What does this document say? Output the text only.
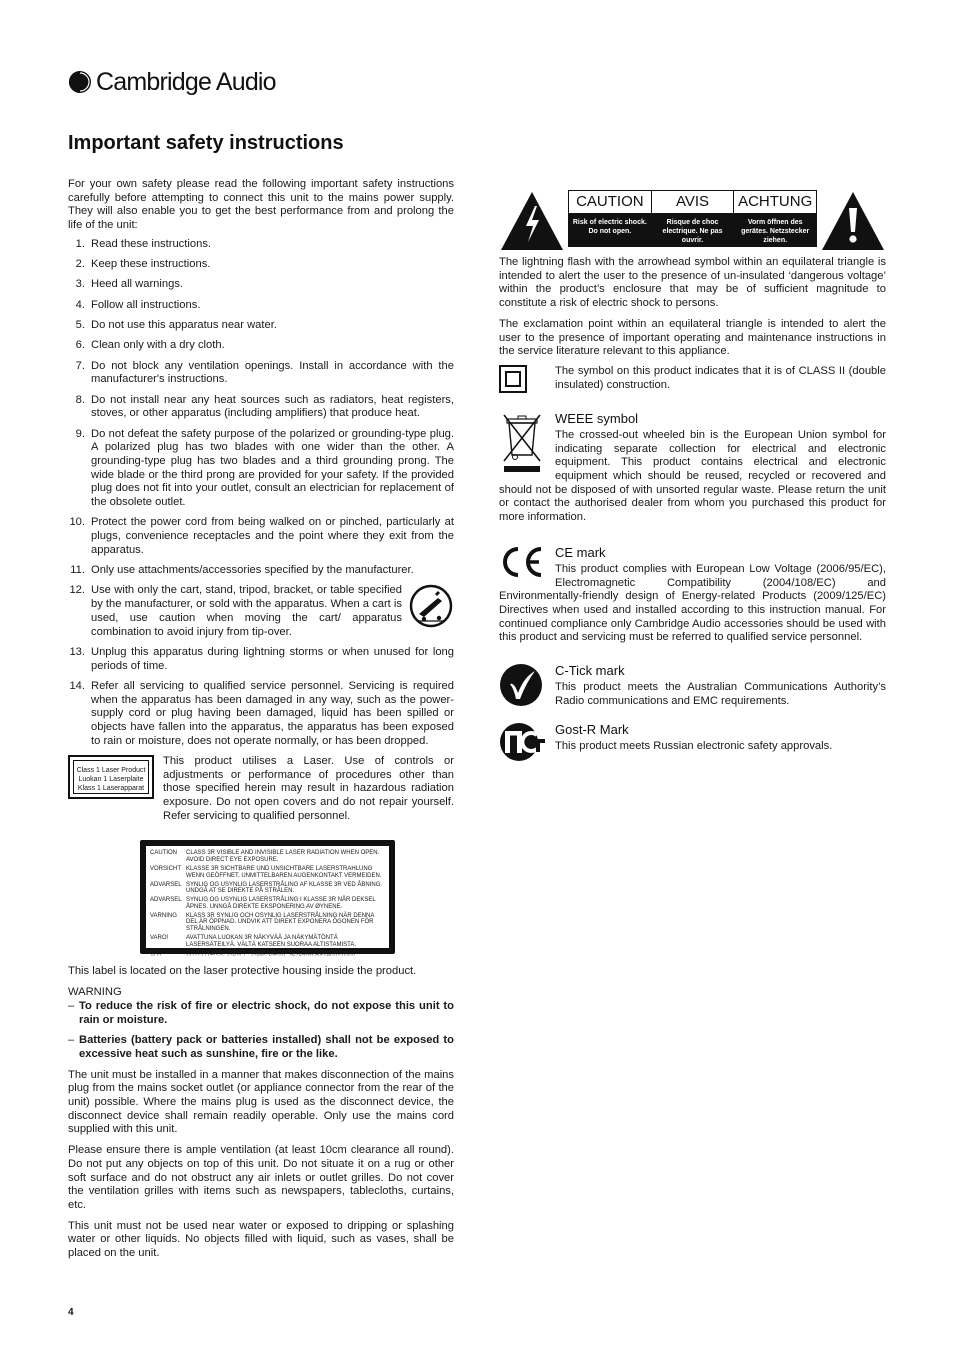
Cambridge Audio
Important safety instructions

For your own safety please read the following important safety instructions carefully before attempting to connect this unit to the mains power supply. They will also enable you to get the best performance from and prolong the life of the unit:

1. Read these instructions.
2. Keep these instructions.
3. Heed all warnings.
4. Follow all instructions.
5. Do not use this apparatus near water.
6. Clean only with a dry cloth.
7. Do not block any ventilation openings. Install in accordance with the manufacturer's instructions.
8. Do not install near any heat sources such as radiators, heat registers, stoves, or other apparatus (including amplifiers) that produce heat.
9. Do not defeat the safety purpose of the polarized or grounding-type plug. A polarized plug has two blades with one wider than the other. A grounding-type plug has two blades and a third grounding prong. The wide blade or the third prong are provided for your safety. If the provided plug does not fit into your outlet, consult an electrician for replacement of the obsolete outlet.
10. Protect the power cord from being walked on or pinched, particularly at plugs, convenience receptacles and the point where they exit from the apparatus.
11. Only use attachments/accessories specified by the manufacturer.
12. Use with only the cart, stand, tripod, bracket, or table specified by the manufacturer, or sold with the apparatus. When a cart is used, use caution when moving the cart/ apparatus combination to avoid injury from tip-over.
13. Unplug this apparatus during lightning storms or when unused for long periods of time.
14. Refer all servicing to qualified service personnel. Servicing is required when the apparatus has been damaged in any way, such as the power-supply cord or plug having been damaged, liquid has been spilled or objects have fallen into the apparatus, the apparatus has been exposed to rain or moisture, does not operate normally, or has been dropped.
Class 1 Laser Product
Luokan 1 Laserplaite
Klass 1 Laserapparat

This product utilises a Laser. Use of controls or adjustments or performance of procedures other than those specified herein may result in hazardous radiation exposure. Do not open covers and do not repair yourself. Refer servicing to qualified personnel.

CAUTION	CLASS 3R VISIBLE AND INVISIBLE LASER RADIATION WHEN OPEN. AVOID DIRECT EYE EXPOSURE.
VORSICHT KLASSE 3R SICHTBARE UND UNSICHTBARE LASERSTRAHLUNG WENN GEÖFFNET. UNMITTELBAREN AUGENKONTAKT VERMEIDEN.
ADVARSEL SYNLIG OG USYNLIG LASERSTRÅLING AF KLASSE 3R VED ÅBNING. UNDGÅ AT SE DIREKTE PÅ STRÅLEN.
ADVARSEL SYNLIG OG USYNLIG LASERSTRÅLING I KLASSE 3R NÅR DEKSEL ÅPNES. UNNGÅ DIREKTE EKSPONERING AV ØYNENE.
VARNING	KLASS 3R SYNLIG OCH OSYNLIG LASERSTRÅLNING NÄR DENNA DEL ÄR ÖPPNAD. UNDVIK ATT DIREKT EXPONERA ÖGONEN FÖR STRÅLNINGEN.
VARO!	AVATTUNA LUOKAN 3R NÄKYVÄÄ JA NÄKYMÄTÖNTÄ LASERSÄTEILYÄ. VÄLTÄ KATSEEN SUORAA ALTISTAMISTA.
警告	打开时有3R类可见和不可见激光辐射，避免眼睛受到直射的照射

This label is located on the laser protective housing inside the product.

WARNING

– To reduce the risk of fire or electric shock, do not expose this unit to rain or moisture.
– Batteries (battery pack or batteries installed) shall not be exposed to excessive heat such as sunshine, fire or the like.

The unit must be installed in a manner that makes disconnection of the mains plug from the mains socket outlet (or appliance connector from the rear of the unit) possible. Where the mains plug is used as the disconnect device, the disconnect device shall remain readily operable. Only use the mains cord supplied with this unit.

Please ensure there is ample ventilation (at least 10cm clearance all round). Do not put any objects on top of this unit. Do not situate it on a rug or other soft surface and do not obstruct any air inlets or outlet grilles. Do not cover the ventilation grilles with items such as newspapers, tablecloths, curtains, etc.

This unit must not be used near water or exposed to dripping or splashing water or other liquids. No objects filled with liquid, such as vases, shall be placed on the unit.

CAUTION
Risk of electric shock. Do not open.
AVIS
Risque de choc electrique. Ne pas ouvrir.
ACHTUNG
Vorm öffnen des gerätes. Netzstecker ziehen.

The lightning flash with the arrowhead symbol within an equilateral triangle is intended to alert the user to the presence of un-insulated ‘dangerous voltage’ within the product’s enclosure that may be of sufficient magnitude to constitute a risk of electric shock to persons.

The exclamation point within an equilateral triangle is intended to alert the user to the presence of important operating and maintenance instructions in the service literature relevant to this appliance.

The symbol on this product indicates that it is of CLASS II (double insulated) construction.

WEEE symbol

The crossed-out wheeled bin is the European Union symbol for indicating separate collection for electrical and electronic equipment. This product contains electrical and electronic equipment which should be reused, recycled or recovered and should not be disposed of with unsorted regular waste. Please return the unit or contact the authorised dealer from whom you purchased this product for more information.

CE mark

This product complies with European Low Voltage (2006/95/EC), Electromagnetic Compatibility (2004/108/EC) and Environmentally-friendly design of Energy-related Products (2009/125/EC) Directives when used and installed according to this instruction manual. For continued compliance only Cambridge Audio accessories should be used with this product and servicing must be referred to qualified service personnel.

C-Tick mark

This product meets the Australian Communications Authority’s Radio communications and EMC requirements.

Gost-R Mark

This product meets Russian electronic safety approvals.

4
